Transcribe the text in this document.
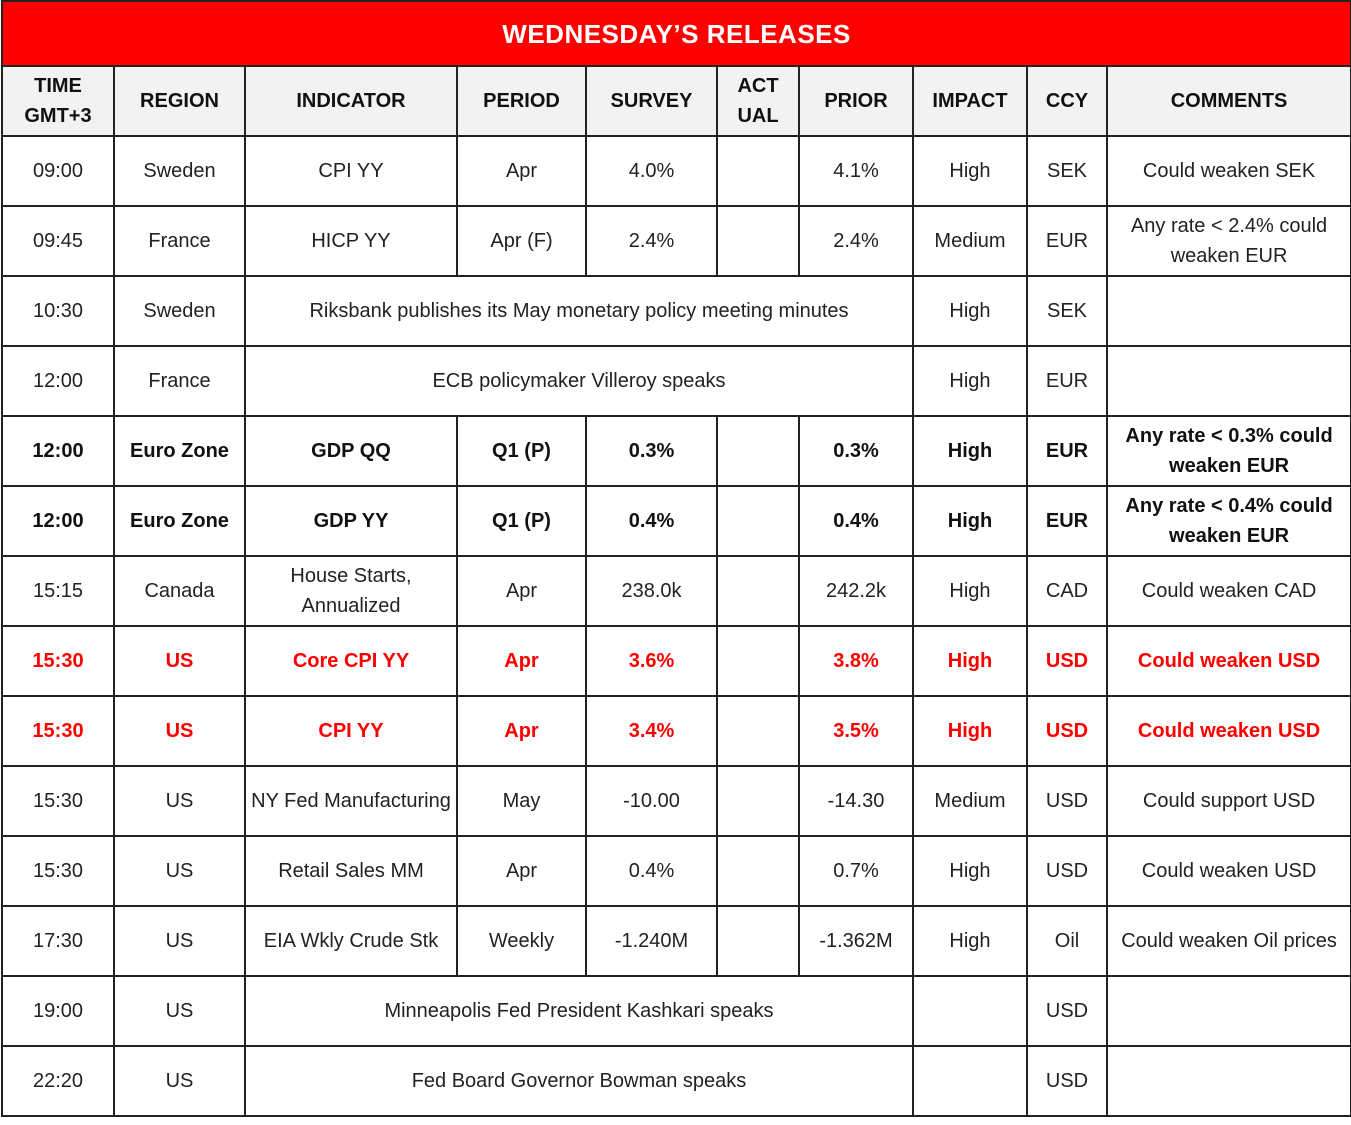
WEDNESDAY’S RELEASES									
TIME GMT+3	REGION	INDICATOR	PERIOD	SURVEY	ACT UAL	PRIOR	IMPACT	CCY	COMMENTS
09:00	Sweden	CPI YY	Apr	4.0%		4.1%	High	SEK	Could weaken SEK
09:45	France	HICP YY	Apr (F)	2.4%		2.4%	Medium	EUR	Any rate < 2.4% could weaken EUR
10:30	Sweden	Riksbank publishes its May monetary policy meeting minutes					High	SEK	
12:00	France	ECB policymaker Villeroy speaks					High	EUR	
12:00	Euro Zone	GDP QQ	Q1 (P)	0.3%		0.3%	High	EUR	Any rate < 0.3% could weaken EUR
12:00	Euro Zone	GDP YY	Q1 (P)	0.4%		0.4%	High	EUR	Any rate < 0.4% could weaken EUR
15:15	Canada	House Starts, Annualized	Apr	238.0k		242.2k	High	CAD	Could weaken CAD
15:30	US	Core CPI YY	Apr	3.6%		3.8%	High	USD	Could weaken USD
15:30	US	CPI YY	Apr	3.4%		3.5%	High	USD	Could weaken USD
15:30	US	NY Fed Manufacturing	May	-10.00		-14.30	Medium	USD	Could support USD
15:30	US	Retail Sales MM	Apr	0.4%		0.7%	High	USD	Could weaken USD
17:30	US	EIA Wkly Crude Stk	Weekly	-1.240M		-1.362M	High	Oil	Could weaken Oil prices
19:00	US	Minneapolis Fed President Kashkari speaks						USD	
22:20	US	Fed Board Governor Bowman speaks						USD	
